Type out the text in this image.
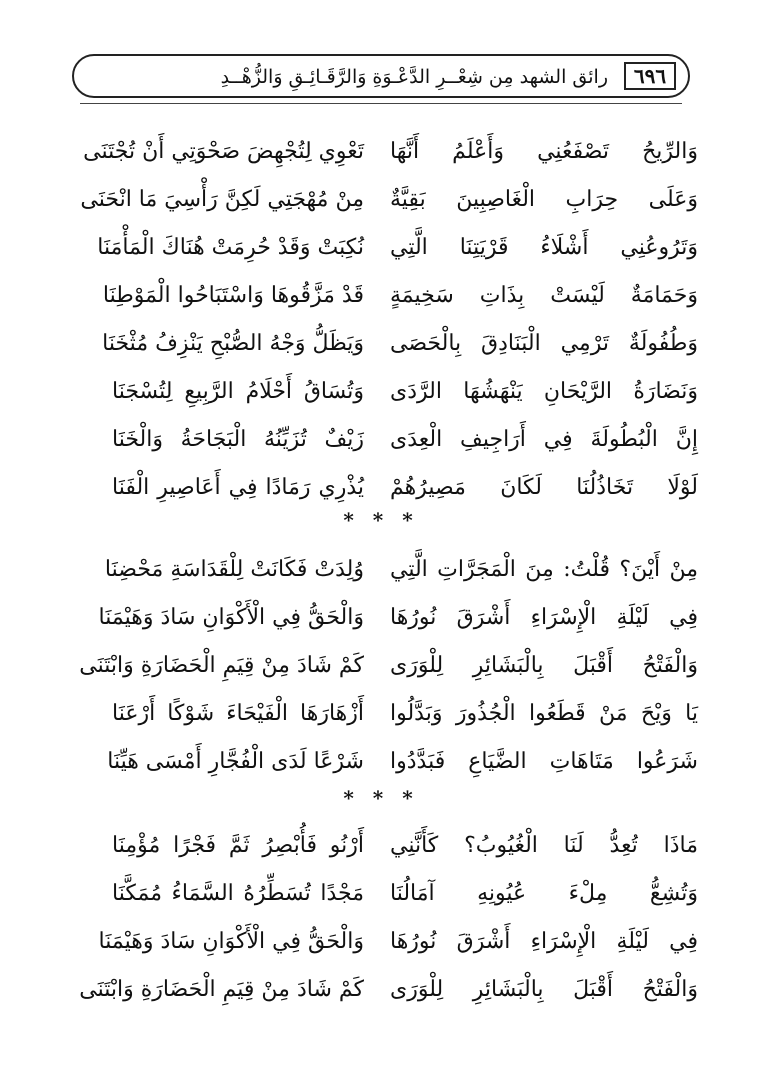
رائق الشهد مِن شِعْــرِ الدَّعْـوَةِ وَالرَّقَـائِـقِ وَالزُّهْــدِ	٦٩٦
وَالرِّيحُ تَصْفَعُنِي وَأَعْلَمُ أَنَّهَا
تَعْوِي لِتُجْهِضَ صَحْوَتِي أَنْ تُجْتَنَى
وَعَلَى حِرَابِ الْغَاصِبِينَ بَقِيَّةٌ
مِنْ مُهْجَتِي لَكِنَّ رَأْسِيَ مَا انْحَنَى
وَتَرُوعُنِي أَشْلَاءُ قَرْيَتِنَا الَّتِي
نُكِبَتْ وَقَدْ حُرِمَتْ هُنَاكَ الْمَأْمَنَا
وَحَمَامَةٌ لَيْسَتْ بِذَاتِ سَخِيمَةٍ
قَدْ مَزَّقُوهَا وَاسْتَبَاحُوا الْمَوْطِنَا
وَطُفُولَةٌ تَرْمِي الْبَنَادِقَ بِالْحَصَى
وَيَظَلُّ وَجْهُ الصُّبْحِ يَنْزِفُ مُثْخَنَا
وَنَضَارَةُ الرَّيْحَانِ يَنْهَشُهَا الرَّدَى
وَتُسَاقُ أَحْلَامُ الرَّبِيعِ لِتُسْجَنَا
إِنَّ الْبُطُولَةَ فِي أَرَاجِيفِ الْعِدَى
زَيْفٌ تُزَيِّنُهُ الْبَجَاحَةُ وَالْخَنَا
لَوْلَا تَخَاذُلُنَا لَكَانَ مَصِيرُهُمْ
يُذْرِي رَمَادًا فِي أَعَاصِيرِ الْفَنَا
* * *
مِنْ أَيْنَ؟ قُلْتُ: مِنَ الْمَجَرَّاتِ الَّتِي
وُلِدَتْ فَكَانَتْ لِلْقَدَاسَةِ مَحْضِنَا
فِي لَيْلَةِ الْإِسْرَاءِ أَشْرَقَ نُورُهَا
وَالْحَقُّ فِي الْأَكْوَانِ سَادَ وَهَيْمَنَا
وَالْفَتْحُ أَقْبَلَ بِالْبَشَائِرِ لِلْوَرَى
كَمْ شَادَ مِنْ قِيَمِ الْحَضَارَةِ وَابْتَنَى
يَا وَيْحَ مَنْ قَطَعُوا الْجُذُورَ وَبَدَّلُوا
أَزْهَارَهَا الْفَيْحَاءَ شَوْكًا أَرْعَنَا
شَرَعُوا مَتَاهَاتِ الضَّيَاعِ فَبَدَّدُوا
شَرْعًا لَدَى الْفُجَّارِ أَمْسَى هَيِّنَا
* * *
مَاذَا تُعِدُّ لَنَا الْغُيُوبُ؟ كَأَنَّنِي
أَرْنُو فَأُبْصِرُ ثَمَّ فَجْرًا مُؤْمِنَا
وَتُشِعُّ مِلْءَ عُيُونِهِ آمَالُنَا
مَجْدًا تُسَطِّرُهُ السَّمَاءُ مُمَكَّنَا
فِي لَيْلَةِ الْإِسْرَاءِ أَشْرَقَ نُورُهَا
وَالْحَقُّ فِي الْأَكْوَانِ سَادَ وَهَيْمَنَا
وَالْفَتْحُ أَقْبَلَ بِالْبَشَائِرِ لِلْوَرَى
كَمْ شَادَ مِنْ قِيَمِ الْحَضَارَةِ وَابْتَنَى
